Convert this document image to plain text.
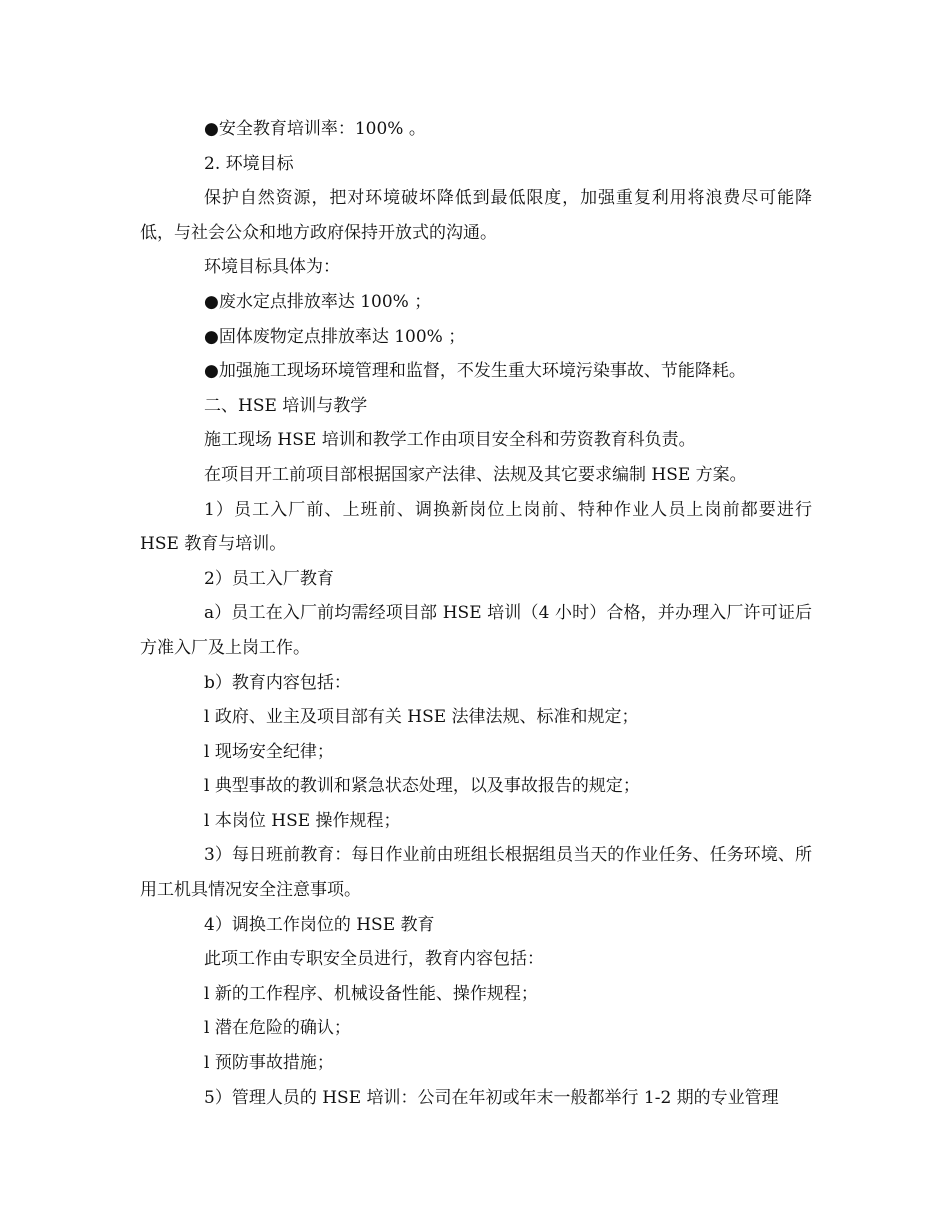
●安全教育培训率：100% 。

2. 环境目标

保护自然资源，把对环境破坏降低到最低限度，加强重复利用将浪费尽可能降低，与社会公众和地方政府保持开放式的沟通。

环境目标具体为：

●废水定点排放率达 100% ；

●固体废物定点排放率达 100% ；

●加强施工现场环境管理和监督，不发生重大环境污染事故、节能降耗。

二、HSE 培训与教学

施工现场 HSE 培训和教学工作由项目安全科和劳资教育科负责。

在项目开工前项目部根据国家产法律、法规及其它要求编制 HSE 方案。

1）员工入厂前、上班前、调换新岗位上岗前、特种作业人员上岗前都要进行 HSE 教育与培训。

2）员工入厂教育

a）员工在入厂前均需经项目部 HSE 培训（4 小时）合格，并办理入厂许可证后方准入厂及上岗工作。

b）教育内容包括：

l 政府、业主及项目部有关 HSE 法律法规、标准和规定；

l 现场安全纪律；

l 典型事故的教训和紧急状态处理，以及事故报告的规定；

l 本岗位 HSE 操作规程；

3）每日班前教育：每日作业前由班组长根据组员当天的作业任务、任务环境、所用工机具情况安全注意事项。

4）调换工作岗位的 HSE 教育

此项工作由专职安全员进行，教育内容包括：

l 新的工作程序、机械设备性能、操作规程；

l 潜在危险的确认；

l 预防事故措施；

5）管理人员的 HSE 培训：公司在年初或年末一般都举行 1-2 期的专业管理
